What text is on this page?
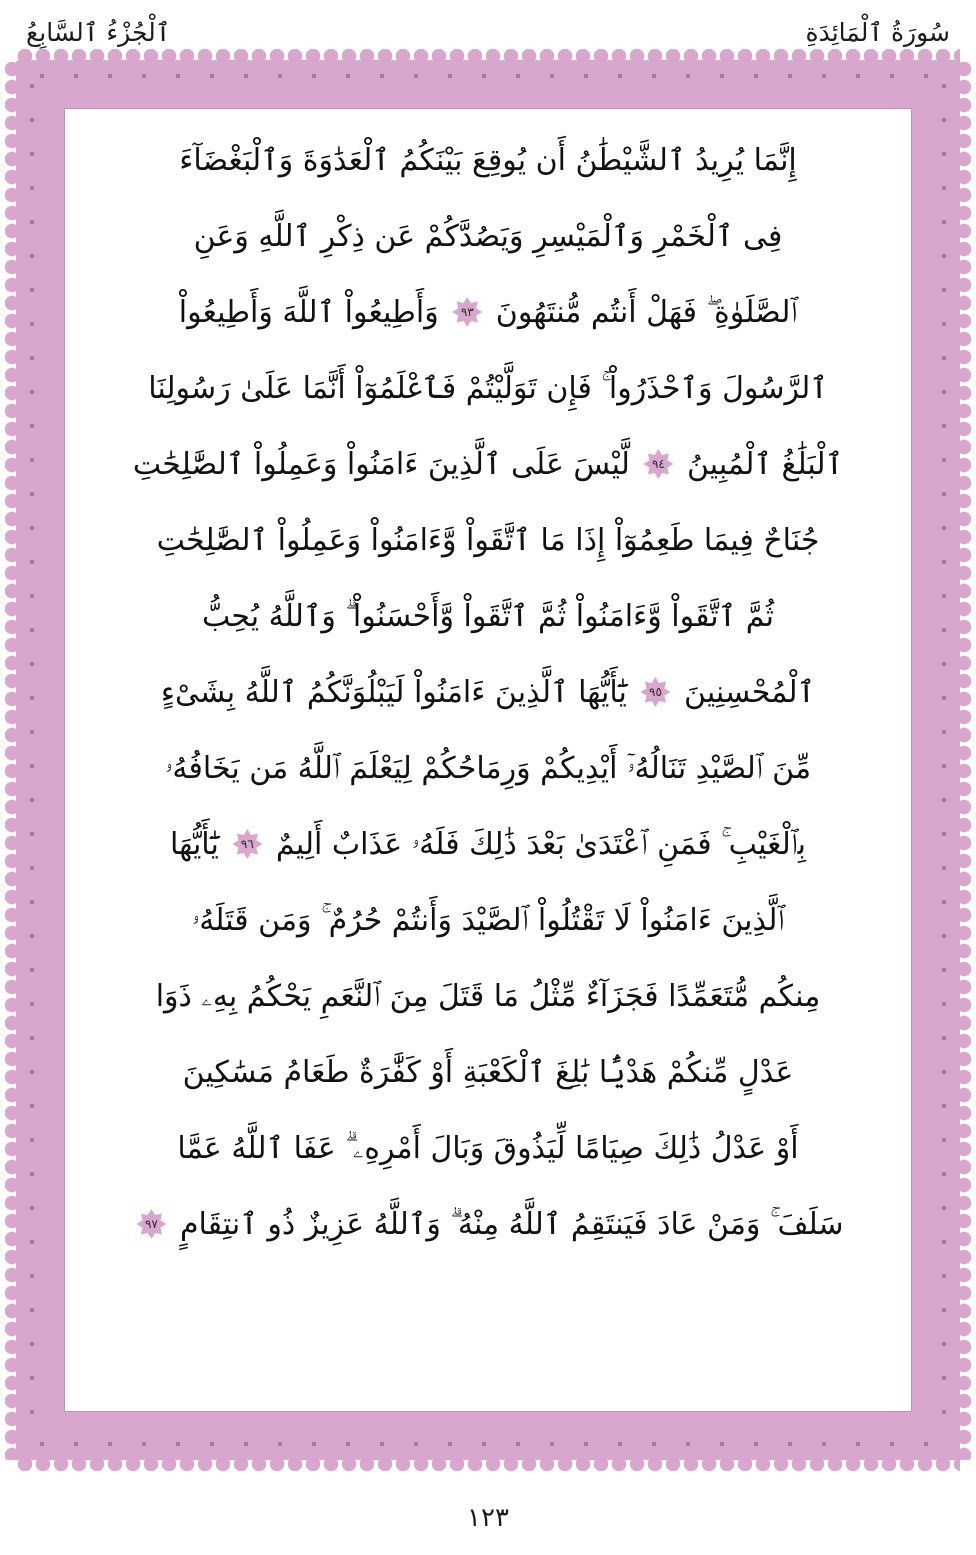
ٱلْجُزْءُ ٱلسَّابِعُ	سُورَةُ ٱلْمَائِدَةِ
إِنَّمَا يُرِيدُ ٱلشَّيْطَٰنُ أَن يُوقِعَ بَيْنَكُمُ ٱلْعَدَٰوَةَ وَٱلْبَغْضَآءَ
فِى ٱلْخَمْرِ وَٱلْمَيْسِرِ وَيَصُدَّكُمْ عَن ذِكْرِ ٱللَّهِ وَعَنِ
ٱلصَّلَوٰةِ ۖ فَهَلْ أَنتُم مُّنتَهُونَ
٩٣
وَأَطِيعُواْ ٱللَّهَ وَأَطِيعُواْ
ٱلرَّسُولَ وَٱحْذَرُواْ ۚ فَإِن تَوَلَّيْتُمْ فَٱعْلَمُوٓاْ أَنَّمَا عَلَىٰ رَسُولِنَا
ٱلْبَلَٰغُ ٱلْمُبِينُ
٩٤
لَّيْسَ عَلَى ٱلَّذِينَ ءَامَنُواْ وَعَمِلُواْ ٱلصَّٰلِحَٰتِ
جُنَاحٌ فِيمَا طَعِمُوٓاْ إِذَا مَا ٱتَّقَواْ وَّءَامَنُواْ وَعَمِلُواْ ٱلصَّٰلِحَٰتِ
ثُمَّ ٱتَّقَواْ وَّءَامَنُواْ ثُمَّ ٱتَّقَواْ وَّأَحْسَنُواْ ۗ وَٱللَّهُ يُحِبُّ
ٱلْمُحْسِنِينَ
٩٥
يَٰٓأَيُّهَا ٱلَّذِينَ ءَامَنُواْ لَيَبْلُوَنَّكُمُ ٱللَّهُ بِشَىْءٍ
مِّنَ ٱلصَّيْدِ تَنَالُهُۥٓ أَيْدِيكُمْ وَرِمَاحُكُمْ لِيَعْلَمَ ٱللَّهُ مَن يَخَافُهُۥ
بِٱلْغَيْبِ ۚ فَمَنِ ٱعْتَدَىٰ بَعْدَ ذَٰلِكَ فَلَهُۥ عَذَابٌ أَلِيمٌ
٩٦
يَٰٓأَيُّهَا
ٱلَّذِينَ ءَامَنُواْ لَا تَقْتُلُواْ ٱلصَّيْدَ وَأَنتُمْ حُرُمٌ ۚ وَمَن قَتَلَهُۥ
مِنكُم مُّتَعَمِّدًا فَجَزَآءٌ مِّثْلُ مَا قَتَلَ مِنَ ٱلنَّعَمِ يَحْكُمُ بِهِۦ ذَوَا
عَدْلٍ مِّنكُمْ هَدْيًۢا بَٰلِغَ ٱلْكَعْبَةِ أَوْ كَفَّٰرَةٌ طَعَامُ مَسَٰكِينَ
أَوْ عَدْلُ ذَٰلِكَ صِيَامًا لِّيَذُوقَ وَبَالَ أَمْرِهِۦ ۗ عَفَا ٱللَّهُ عَمَّا
سَلَفَ ۚ وَمَنْ عَادَ فَيَنتَقِمُ ٱللَّهُ مِنْهُ ۗ وَٱللَّهُ عَزِيزٌ ذُو ٱنتِقَامٍ
٩٧
١٢٣
